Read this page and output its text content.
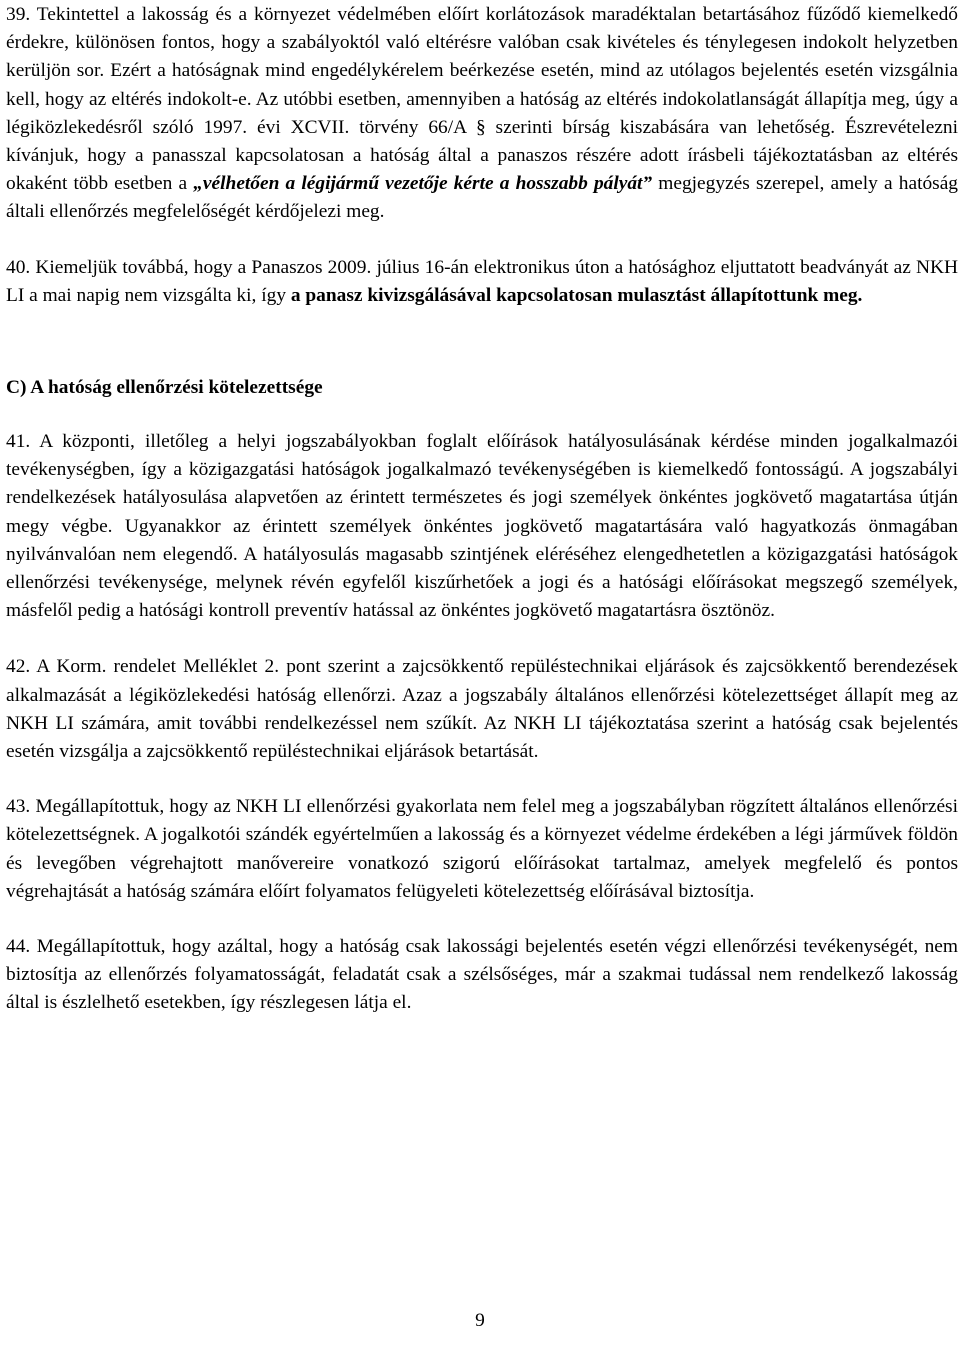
39. Tekintettel a lakosság és a környezet védelmében előírt korlátozások maradéktalan betartásához fűződő kiemelkedő érdekre, különösen fontos, hogy a szabályoktól való eltérésre valóban csak kivételes és ténylegesen indokolt helyzetben kerüljön sor. Ezért a hatóságnak mind engedélykérelem beérkezése esetén, mind az utólagos bejelentés esetén vizsgálnia kell, hogy az eltérés indokolt-e. Az utóbbi esetben, amennyiben a hatóság az eltérés indokolatlanságát állapítja meg, úgy a légiközlekedésről szóló 1997. évi XCVII. törvény 66/A § szerinti bírság kiszabására van lehetőség. Észrevételezni kívánjuk, hogy a panasszal kapcsolatosan a hatóság által a panaszos részére adott írásbeli tájékoztatásban az eltérés okaként több esetben a „vélhetően a légijármű vezetője kérte a hosszabb pályát” megjegyzés szerepel, amely a hatóság általi ellenőrzés megfelelőségét kérdőjelezi meg.

40. Kiemeljük továbbá, hogy a Panaszos 2009. július 16-án elektronikus úton a hatósághoz eljuttatott beadványát az NKH LI a mai napig nem vizsgálta ki, így a panasz kivizsgálásával kapcsolatosan mulasztást állapítottunk meg.

C) A hatóság ellenőrzési kötelezettsége

41. A központi, illetőleg a helyi jogszabályokban foglalt előírások hatályosulásának kérdése minden jogalkalmazói tevékenységben, így a közigazgatási hatóságok jogalkalmazó tevékenységében is kiemelkedő fontosságú. A jogszabályi rendelkezések hatályosulása alapvetően az érintett természetes és jogi személyek önkéntes jogkövető magatartása útján megy végbe. Ugyanakkor az érintett személyek önkéntes jogkövető magatartására való hagyatkozás önmagában nyilvánvalóan nem elegendő. A hatályosulás magasabb szintjének eléréséhez elengedhetetlen a közigazgatási hatóságok ellenőrzési tevékenysége, melynek révén egyfelől kiszűrhetőek a jogi és a hatósági előírásokat megszegő személyek, másfelől pedig a hatósági kontroll preventív hatással az önkéntes jogkövető magatartásra ösztönöz.

42. A Korm. rendelet Melléklet 2. pont szerint a zajcsökkentő repüléstechnikai eljárások és zajcsökkentő berendezések alkalmazását a légiközlekedési hatóság ellenőrzi. Azaz a jogszabály általános ellenőrzési kötelezettséget állapít meg az NKH LI számára, amit további rendelkezéssel nem szűkít. Az NKH LI tájékoztatása szerint a hatóság csak bejelentés esetén vizsgálja a zajcsökkentő repüléstechnikai eljárások betartását.

43. Megállapítottuk, hogy az NKH LI ellenőrzési gyakorlata nem felel meg a jogszabályban rögzített általános ellenőrzési kötelezettségnek. A jogalkotói szándék egyértelműen a lakosság és a környezet védelme érdekében a légi járművek földön és levegőben végrehajtott manővereire vonatkozó szigorú előírásokat tartalmaz, amelyek megfelelő és pontos végrehajtását a hatóság számára előírt folyamatos felügyeleti kötelezettség előírásával biztosítja.

44. Megállapítottuk, hogy azáltal, hogy a hatóság csak lakossági bejelentés esetén végzi ellenőrzési tevékenységét, nem biztosítja az ellenőrzés folyamatosságát, feladatát csak a szélsőséges, már a szakmai tudással nem rendelkező lakosság által is észlelhető esetekben, így részlegesen látja el.

9
